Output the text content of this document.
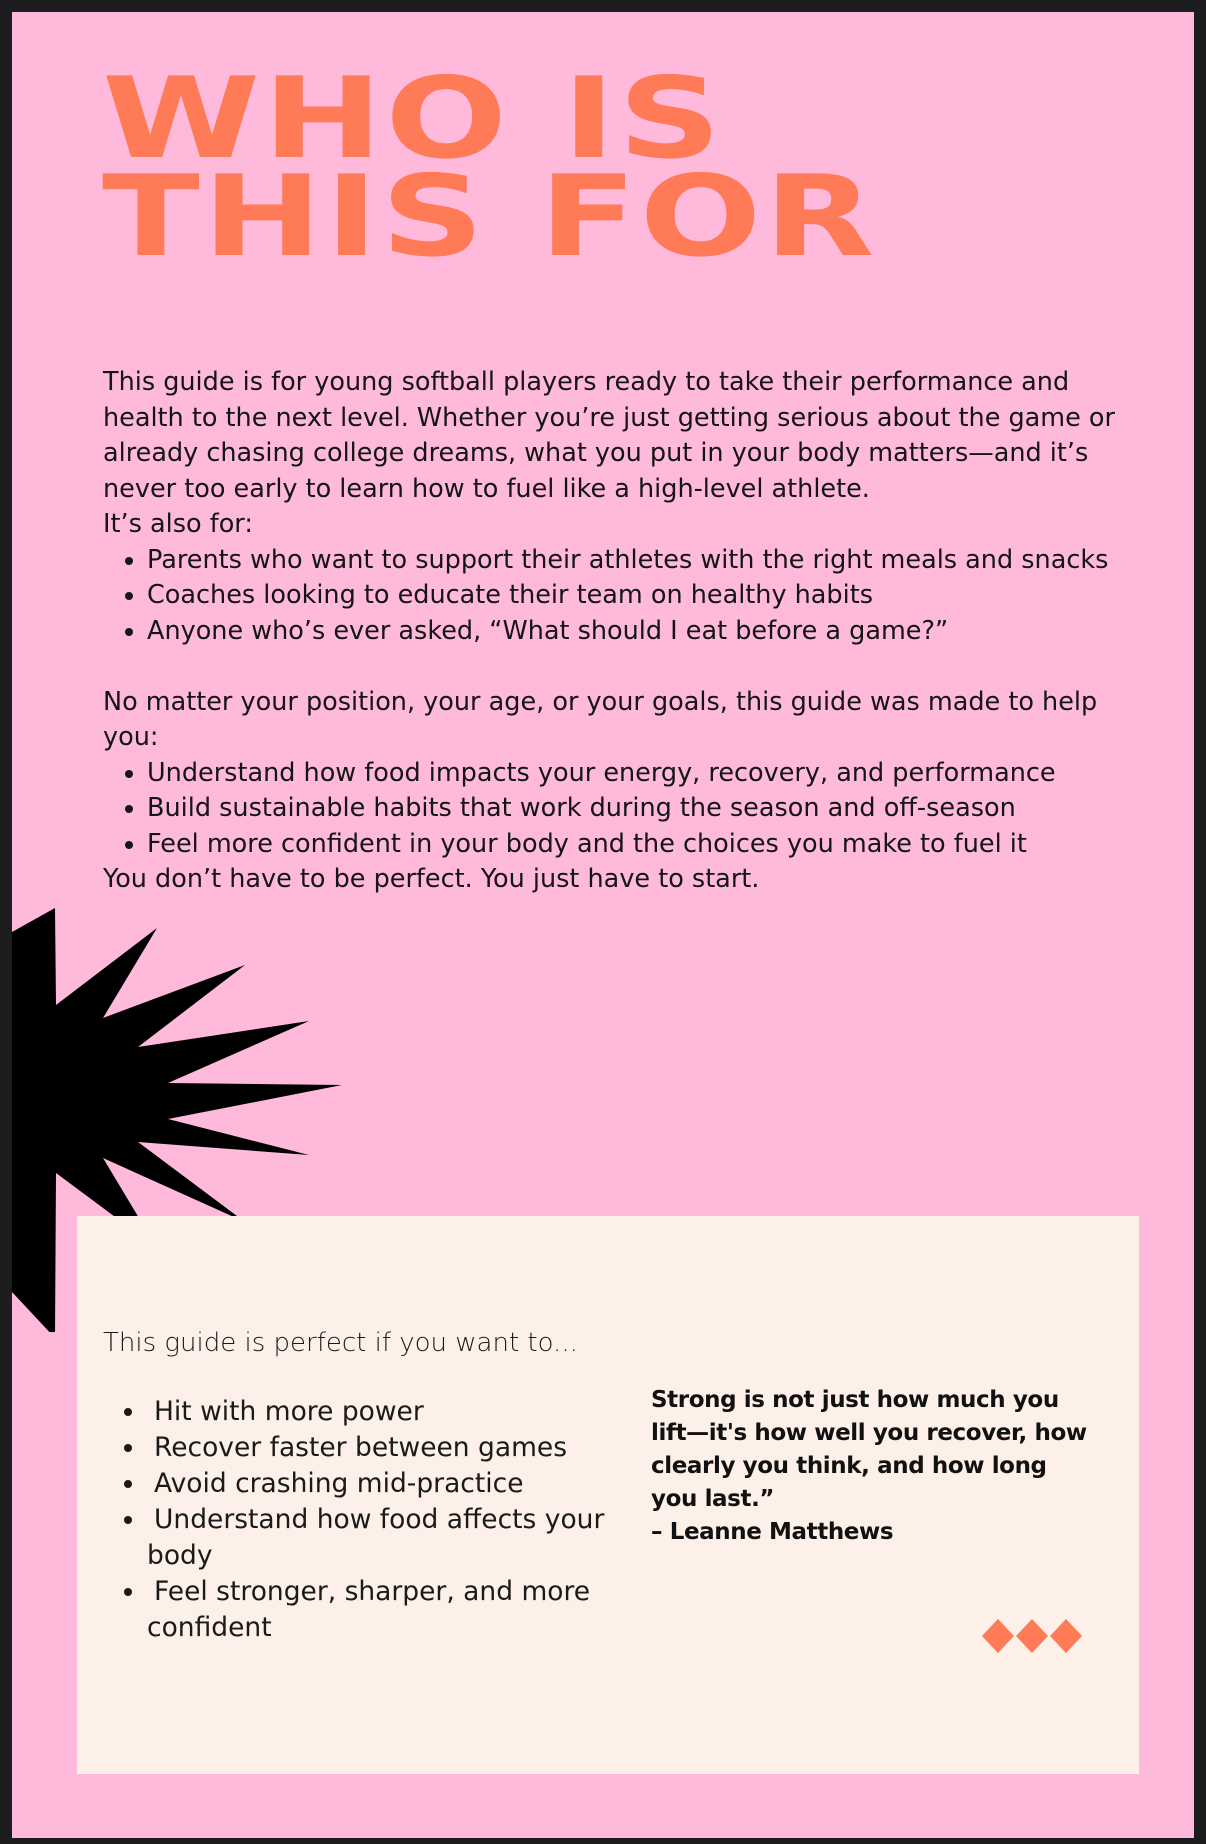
WHO IS
THIS FOR

This guide is for young softball players ready to take their performance and health to the next level. Whether you’re just getting serious about the game or already chasing college dreams, what you put in your body matters—and it’s never too early to learn how to fuel like a high-level athlete.

It’s also for:

• Parents who want to support their athletes with the right meals and snacks
• Coaches looking to educate their team on healthy habits
• Anyone who’s ever asked, “What should I eat before a game?”

No matter your position, your age, or your goals, this guide was made to help you:

• Understand how food impacts your energy, recovery, and performance
• Build sustainable habits that work during the season and off-season
• Feel more confident in your body and the choices you make to fuel it

You don’t have to be perfect. You just have to start.

This guide is perfect if you want to...

• Hit with more power
• Recover faster between games
• Avoid crashing mid-practice
• Understand how food affects your body
• Feel stronger, sharper, and more confident

Strong is not just how much you lift—it's how well you recover, how clearly you think, and how long you last.”

– Leanne Matthews
